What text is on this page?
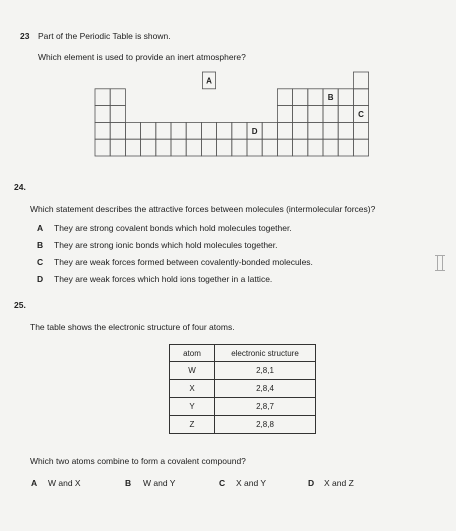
23 Part of the Periodic Table is shown.
Which element is used to provide an inert atmosphere?
A
B
C
D
24.
Which statement describes the attractive forces between molecules (intermolecular forces)?
A They are strong covalent bonds which hold molecules together.
B They are strong ionic bonds which hold molecules together.
C They are weak forces formed between covalently-bonded molecules.
D They are weak forces which hold ions together in a lattice.
25.
The table shows the electronic structure of four atoms.
atom	electronic structure
W	2,8,1
X	2,8,4
Y	2,8,7
Z	2,8,8
Which two atoms combine to form a covalent compound?
A W and X	B W and Y	C X and Y	D X and Z
